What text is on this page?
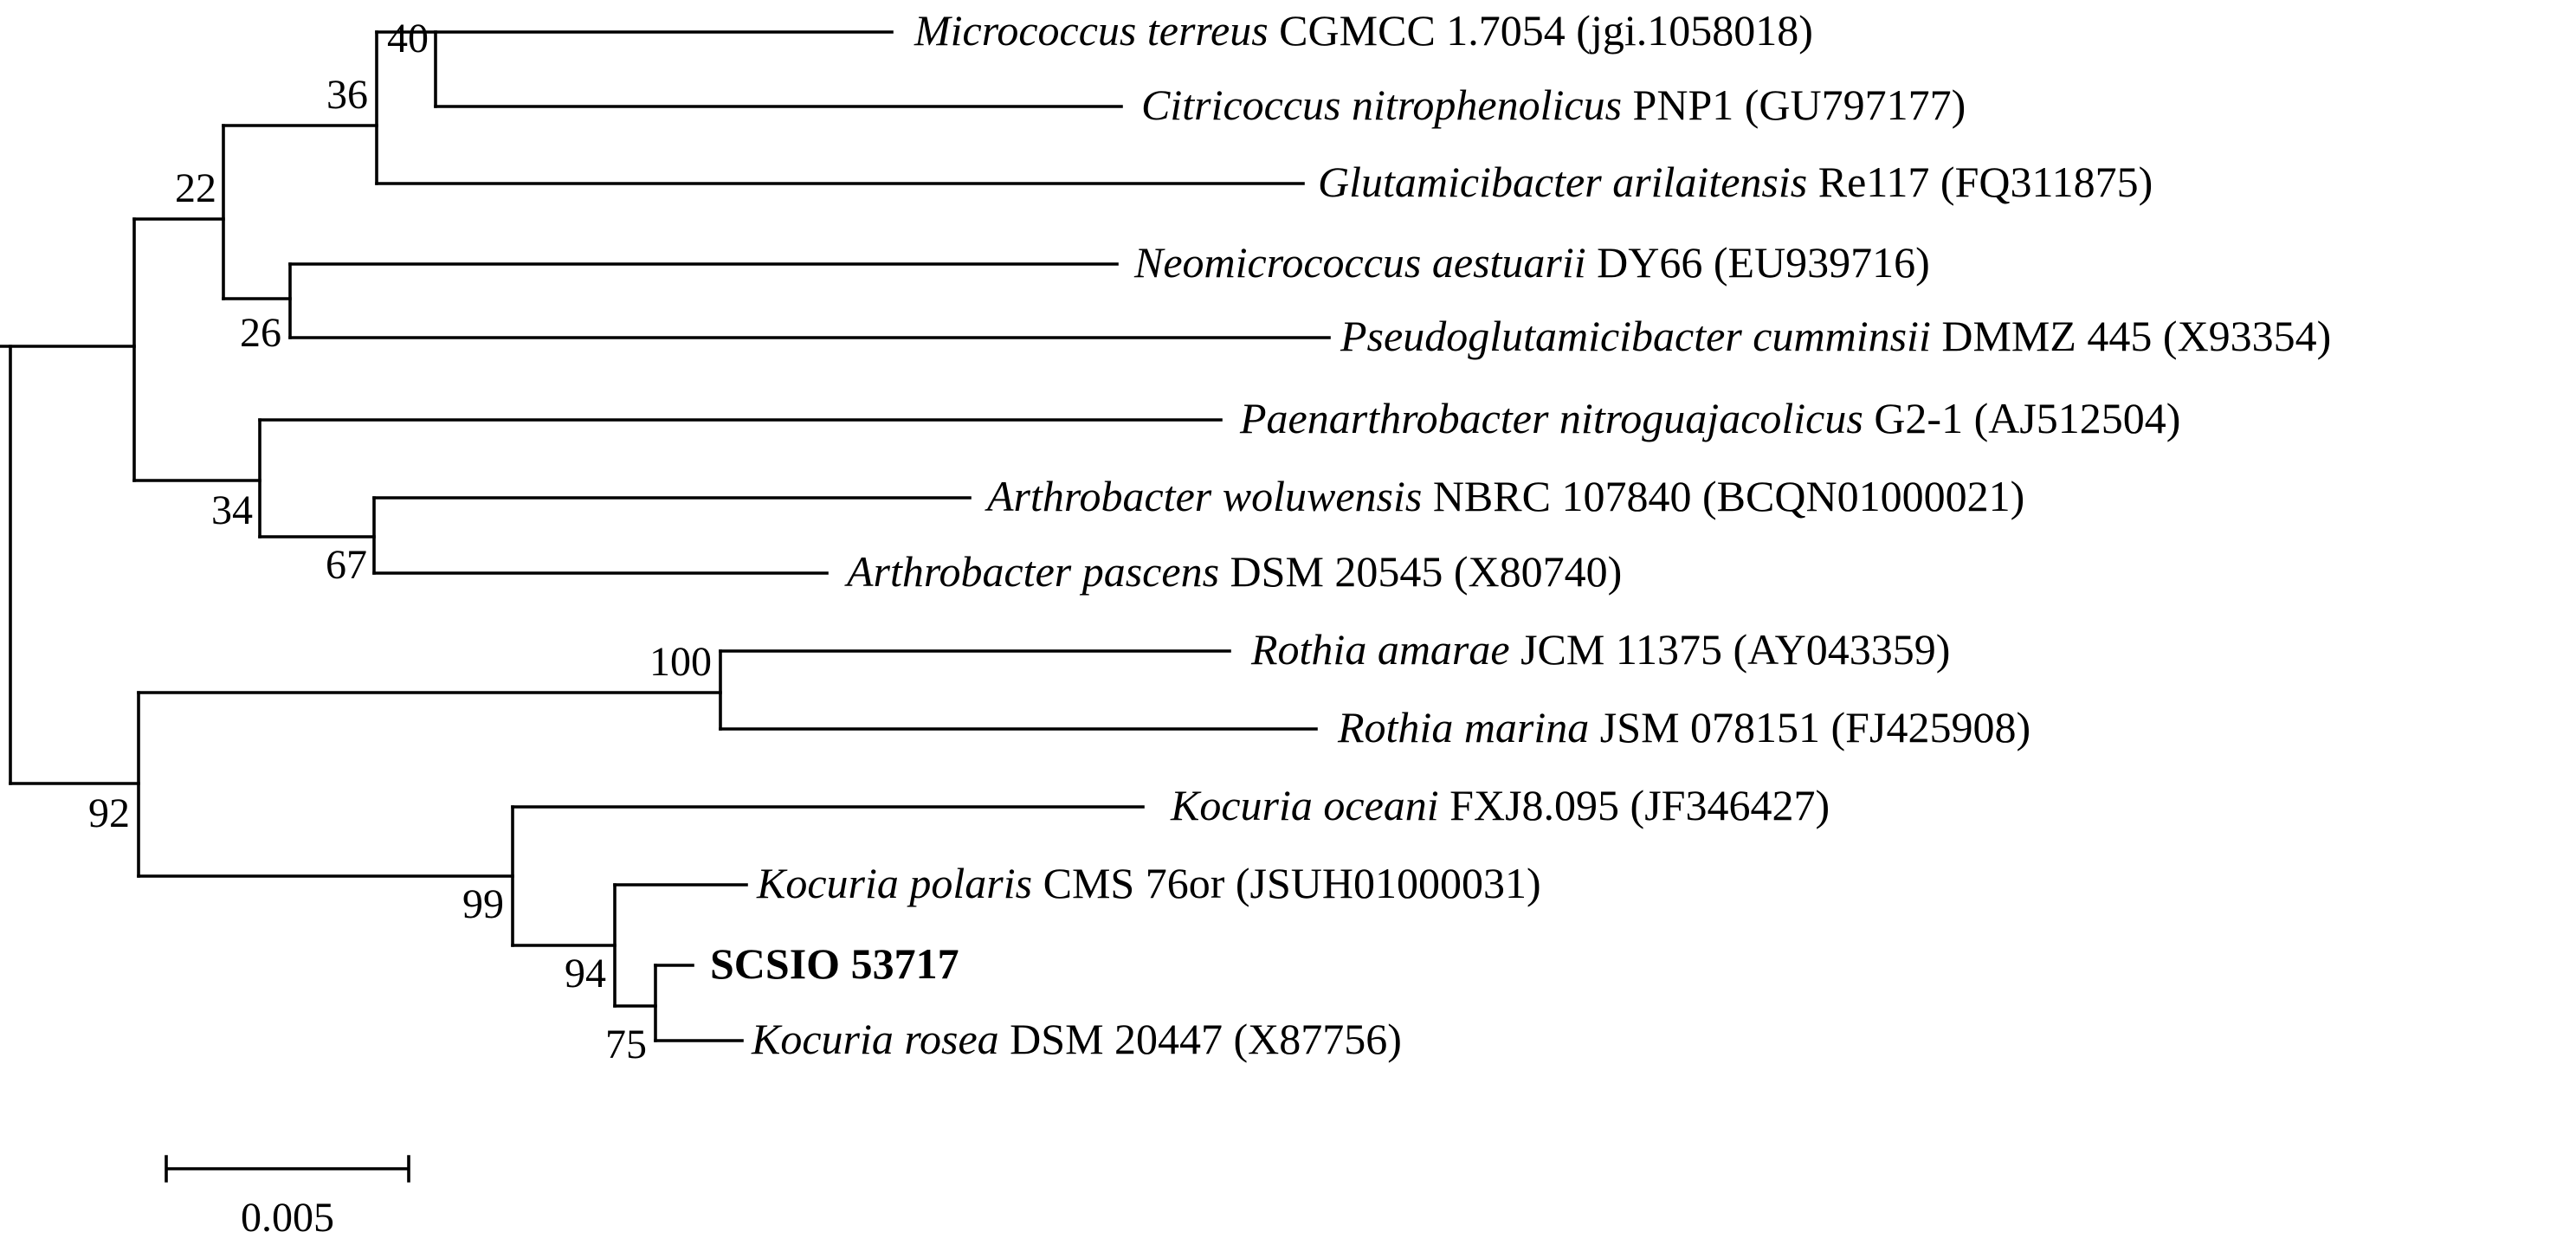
Micrococcus terreus CGMCC 1.7054 (jgi.1058018)
Citricoccus nitrophenolicus PNP1 (GU797177)
Glutamicibacter arilaitensis Re117 (FQ311875)
Neomicrococcus aestuarii DY66 (EU939716)
Pseudoglutamicibacter cumminsii DMMZ 445 (X93354)
Paenarthrobacter nitroguajacolicus G2-1 (AJ512504)
Arthrobacter woluwensis NBRC 107840 (BCQN01000021)
Arthrobacter pascens DSM 20545 (X80740)
Rothia amarae JCM 11375 (AY043359)
Rothia marina JSM 078151 (FJ425908)
Kocuria oceani FXJ8.095 (JF346427)
Kocuria polaris CMS 76or (JSUH01000031)
SCSIO 53717
Kocuria rosea DSM 20447 (X87756)
40
36
22
26
34
67
100
92
99
94
75
0.005
